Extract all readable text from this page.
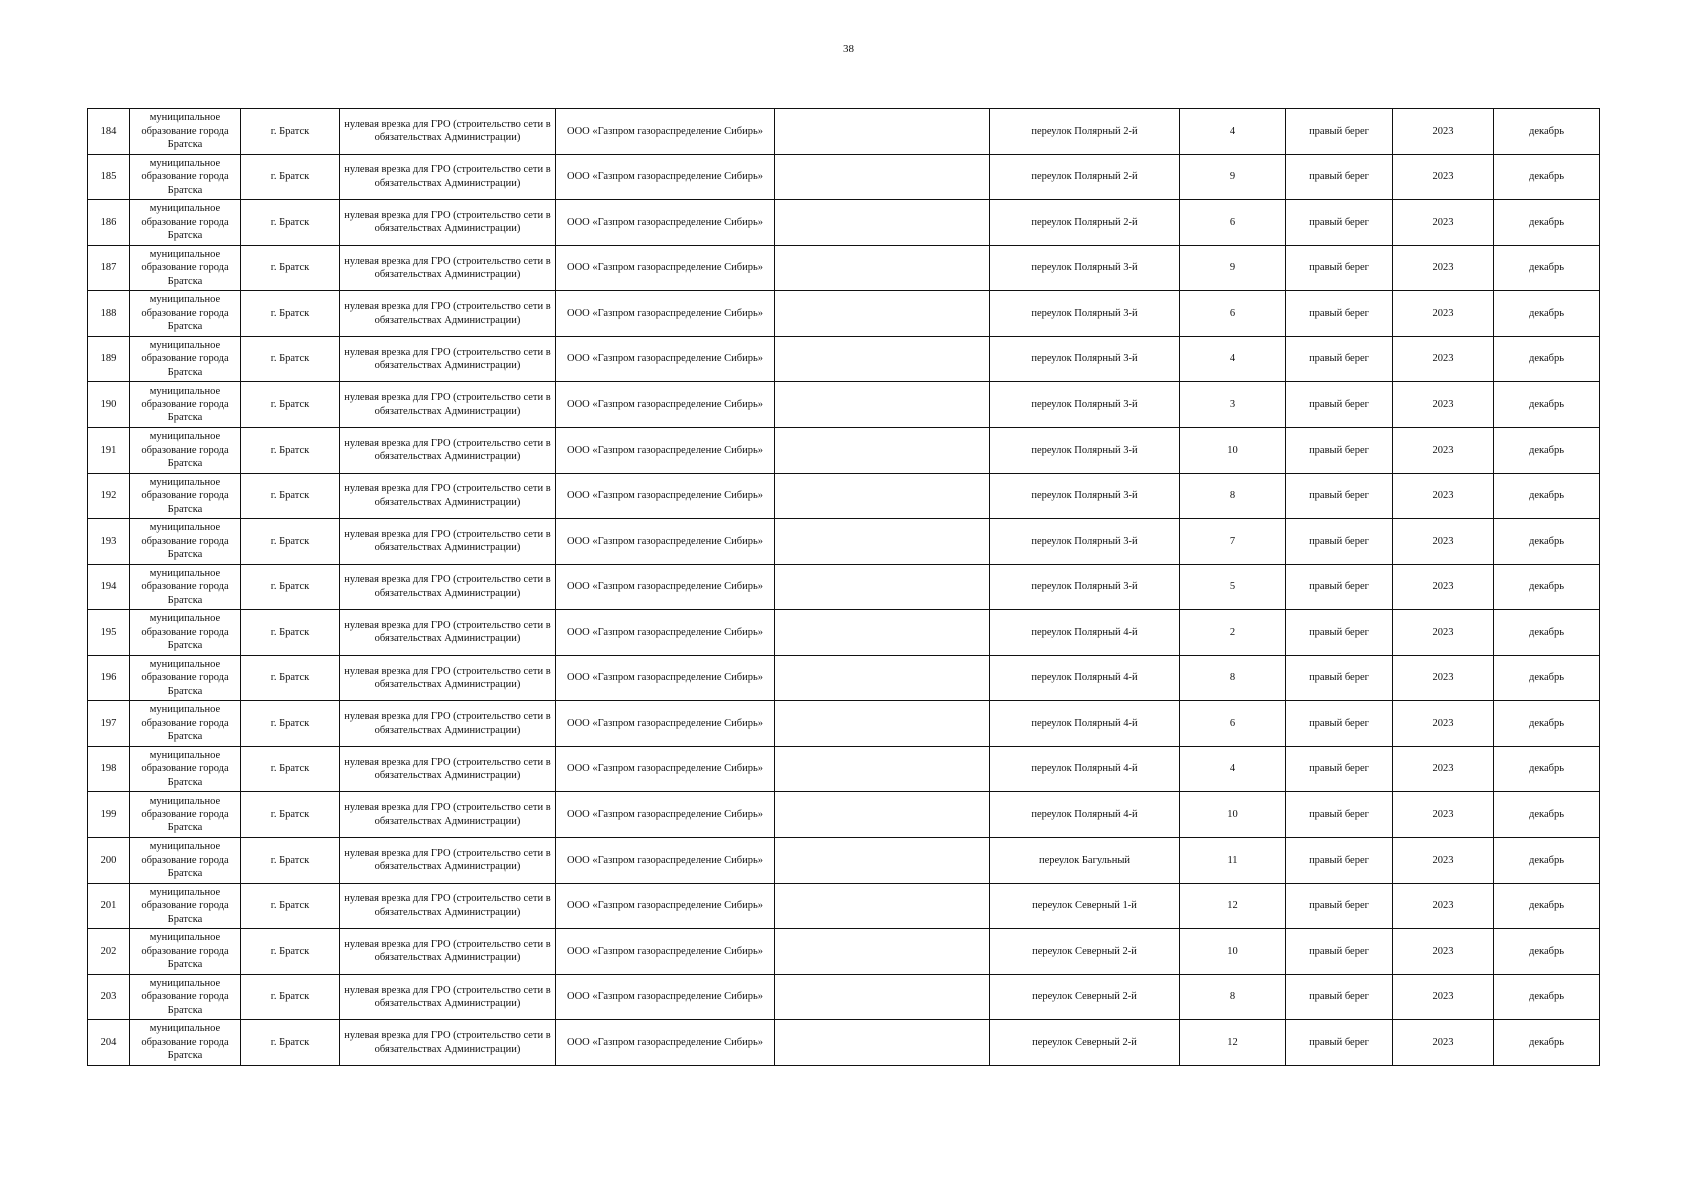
38
184	муниципальное образование города Братска	г. Братск	нулевая врезка для ГРО (строительство сети в обязательствах Администрации)	ООО «Газпром газораспределение Сибирь»		переулок Полярный 2-й	4	правый берег	2023	декабрь
185	муниципальное образование города Братска	г. Братск	нулевая врезка для ГРО (строительство сети в обязательствах Администрации)	ООО «Газпром газораспределение Сибирь»		переулок Полярный 2-й	9	правый берег	2023	декабрь
186	муниципальное образование города Братска	г. Братск	нулевая врезка для ГРО (строительство сети в обязательствах Администрации)	ООО «Газпром газораспределение Сибирь»		переулок Полярный 2-й	6	правый берег	2023	декабрь
187	муниципальное образование города Братска	г. Братск	нулевая врезка для ГРО (строительство сети в обязательствах Администрации)	ООО «Газпром газораспределение Сибирь»		переулок Полярный 3-й	9	правый берег	2023	декабрь
188	муниципальное образование города Братска	г. Братск	нулевая врезка для ГРО (строительство сети в обязательствах Администрации)	ООО «Газпром газораспределение Сибирь»		переулок Полярный 3-й	6	правый берег	2023	декабрь
189	муниципальное образование города Братска	г. Братск	нулевая врезка для ГРО (строительство сети в обязательствах Администрации)	ООО «Газпром газораспределение Сибирь»		переулок Полярный 3-й	4	правый берег	2023	декабрь
190	муниципальное образование города Братска	г. Братск	нулевая врезка для ГРО (строительство сети в обязательствах Администрации)	ООО «Газпром газораспределение Сибирь»		переулок Полярный 3-й	3	правый берег	2023	декабрь
191	муниципальное образование города Братска	г. Братск	нулевая врезка для ГРО (строительство сети в обязательствах Администрации)	ООО «Газпром газораспределение Сибирь»		переулок Полярный 3-й	10	правый берег	2023	декабрь
192	муниципальное образование города Братска	г. Братск	нулевая врезка для ГРО (строительство сети в обязательствах Администрации)	ООО «Газпром газораспределение Сибирь»		переулок Полярный 3-й	8	правый берег	2023	декабрь
193	муниципальное образование города Братска	г. Братск	нулевая врезка для ГРО (строительство сети в обязательствах Администрации)	ООО «Газпром газораспределение Сибирь»		переулок Полярный 3-й	7	правый берег	2023	декабрь
194	муниципальное образование города Братска	г. Братск	нулевая врезка для ГРО (строительство сети в обязательствах Администрации)	ООО «Газпром газораспределение Сибирь»		переулок Полярный 3-й	5	правый берег	2023	декабрь
195	муниципальное образование города Братска	г. Братск	нулевая врезка для ГРО (строительство сети в обязательствах Администрации)	ООО «Газпром газораспределение Сибирь»		переулок Полярный 4-й	2	правый берег	2023	декабрь
196	муниципальное образование города Братска	г. Братск	нулевая врезка для ГРО (строительство сети в обязательствах Администрации)	ООО «Газпром газораспределение Сибирь»		переулок Полярный 4-й	8	правый берег	2023	декабрь
197	муниципальное образование города Братска	г. Братск	нулевая врезка для ГРО (строительство сети в обязательствах Администрации)	ООО «Газпром газораспределение Сибирь»		переулок Полярный 4-й	6	правый берег	2023	декабрь
198	муниципальное образование города Братска	г. Братск	нулевая врезка для ГРО (строительство сети в обязательствах Администрации)	ООО «Газпром газораспределение Сибирь»		переулок Полярный 4-й	4	правый берег	2023	декабрь
199	муниципальное образование города Братска	г. Братск	нулевая врезка для ГРО (строительство сети в обязательствах Администрации)	ООО «Газпром газораспределение Сибирь»		переулок Полярный 4-й	10	правый берег	2023	декабрь
200	муниципальное образование города Братска	г. Братск	нулевая врезка для ГРО (строительство сети в обязательствах Администрации)	ООО «Газпром газораспределение Сибирь»		переулок Багульный	11	правый берег	2023	декабрь
201	муниципальное образование города Братска	г. Братск	нулевая врезка для ГРО (строительство сети в обязательствах Администрации)	ООО «Газпром газораспределение Сибирь»		переулок Северный 1-й	12	правый берег	2023	декабрь
202	муниципальное образование города Братска	г. Братск	нулевая врезка для ГРО (строительство сети в обязательствах Администрации)	ООО «Газпром газораспределение Сибирь»		переулок Северный 2-й	10	правый берег	2023	декабрь
203	муниципальное образование города Братска	г. Братск	нулевая врезка для ГРО (строительство сети в обязательствах Администрации)	ООО «Газпром газораспределение Сибирь»		переулок Северный 2-й	8	правый берег	2023	декабрь
204	муниципальное образование города Братска	г. Братск	нулевая врезка для ГРО (строительство сети в обязательствах Администрации)	ООО «Газпром газораспределение Сибирь»		переулок Северный 2-й	12	правый берег	2023	декабрь
